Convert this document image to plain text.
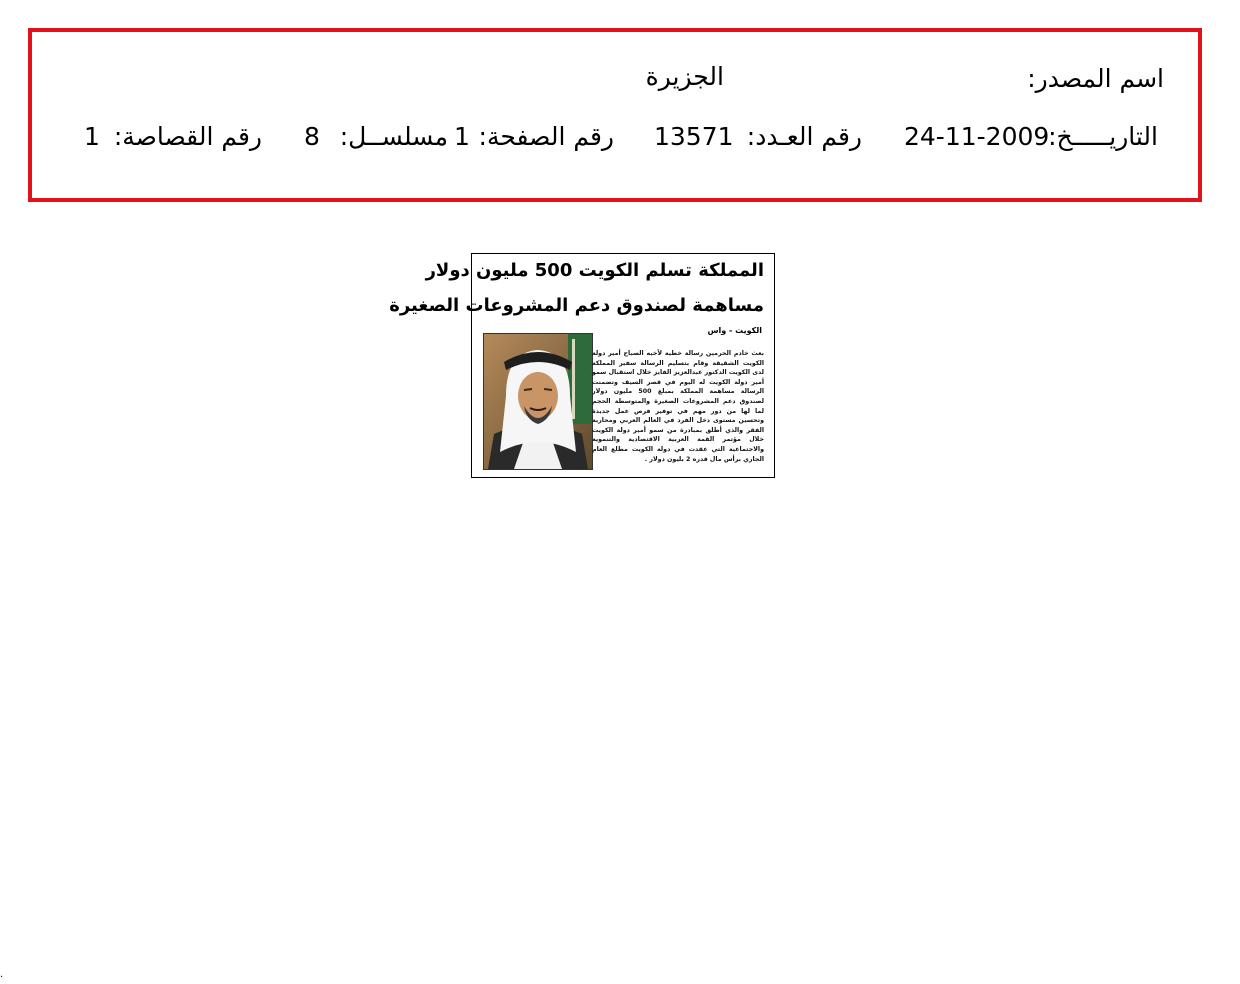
اسم المصدر:
الجزيرة
التاريـــــخ:
24-11-2009
رقم العـدد:
13571
رقم الصفحة:
1
مسلســل:
8
رقم القصاصة:
1
المملكة تسلم الكويت 500 مليون دولار
مساهمة لصندوق دعم المشروعات الصغيرة
الكويت - واس
بعث خادم الحرمين رسالة خطية لأخيه الصباح أمير دولة الكويت الشقيقة وقام بتسليم الرسالة سفير المملكة لدى الكويت الدكتور عبدالعزيز الفايز خلال استقبال سمو أمير دولة الكويت له اليوم في قصر السيف وتضمنت الرسالة مساهمة المملكة بمبلغ 500 مليون دولار لصندوق دعم المشروعات الصغيرة والمتوسطة الحجم لما لها من دور مهم في توفير فرص عمل جديدة وتحسين مستوى دخل الفرد في العالم العربي ومحاربة الفقر والذي أطلق بمبادرة من سمو أمير دولة الكويت خلال مؤتمر القمة العربية الاقتصادية والتنموية والاجتماعية التي عقدت في دولة الكويت مطلع العام الجاري برأس مال قدره 2 بليون دولار .
.
